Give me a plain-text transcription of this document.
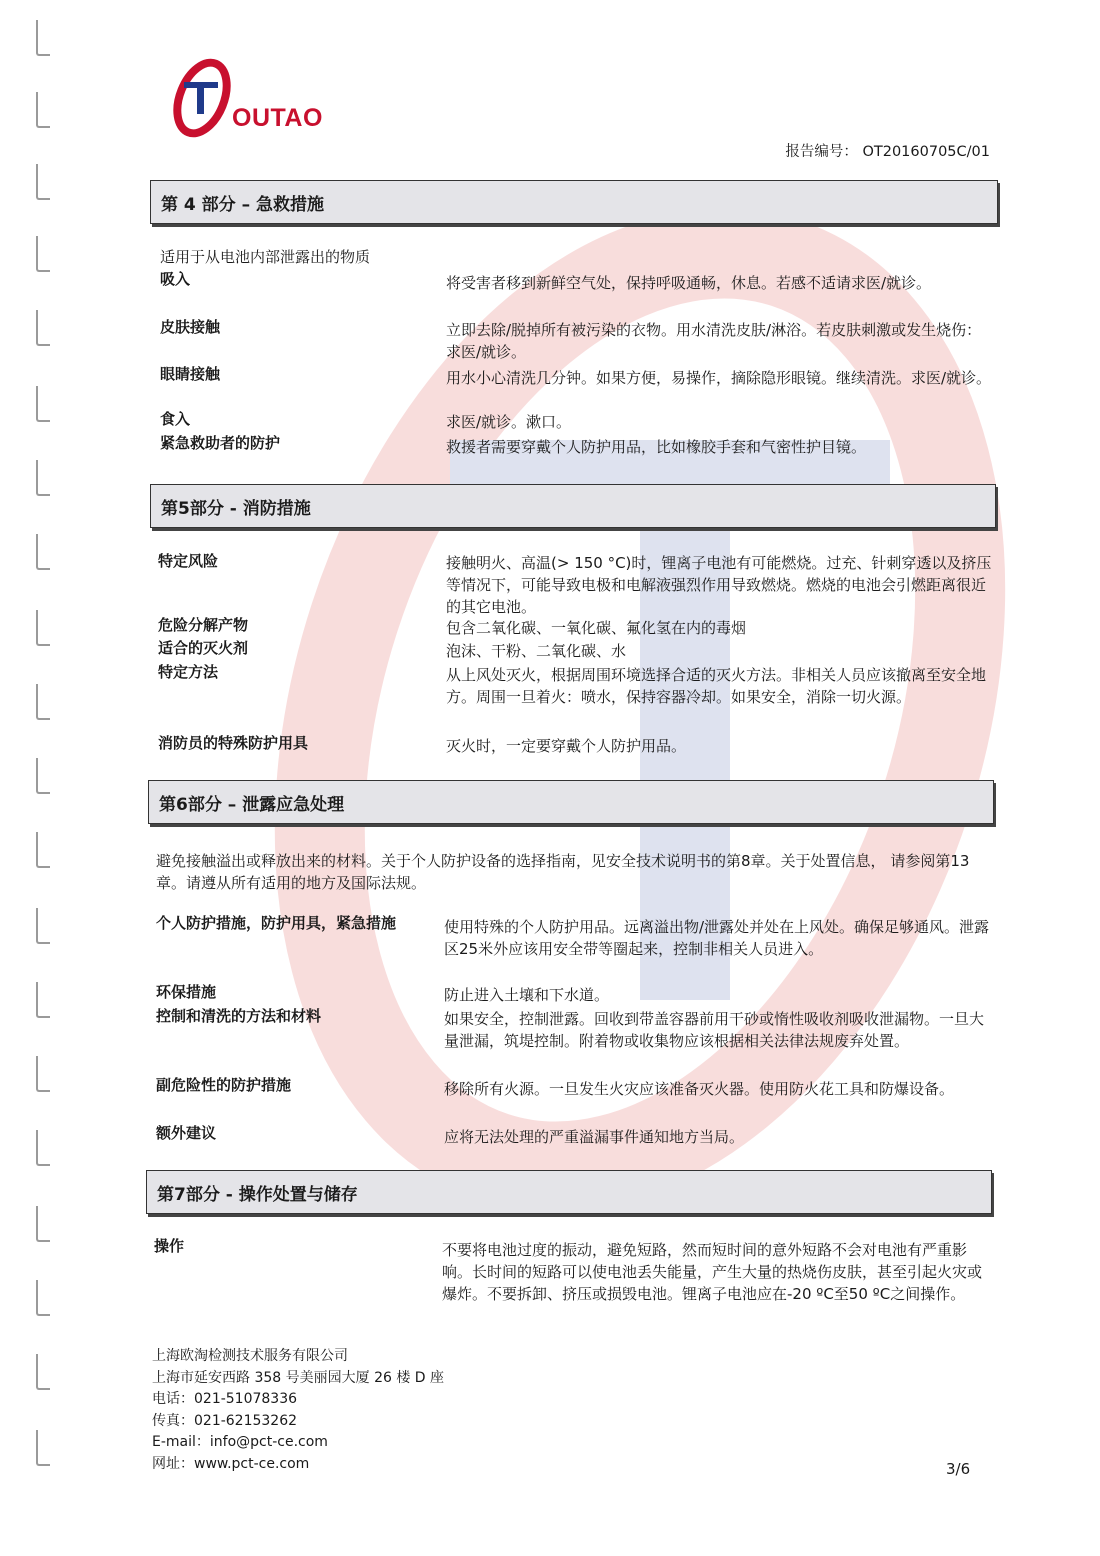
OUTAO
报告编号： OT20160705C/01
第 4 部分 – 急救措施
适用于从电池内部泄露出的物质
吸入	将受害者移到新鲜空气处，保持呼吸通畅，休息。若感不适请求医/就诊。
皮肤接触	立即去除/脱掉所有被污染的衣物。用水清洗皮肤/淋浴。若皮肤刺激或发生烧伤：求医/就诊。
眼睛接触	用水小心清洗几分钟。如果方便，易操作，摘除隐形眼镜。继续清洗。求医/就诊。
食入	求医/就诊。漱口。
紧急救助者的防护	救援者需要穿戴个人防护用品，比如橡胶手套和气密性护目镜。
第5部分 - 消防措施
特定风险	接触明火、高温(> 150 °C)时，锂离子电池有可能燃烧。过充、针刺穿透以及挤压等情况下，可能导致电极和电解液强烈作用导致燃烧。燃烧的电池会引燃距离很近的其它电池。
危险分解产物	包含二氧化碳、一氧化碳、氟化氢在内的毒烟
适合的灭火剂	泡沫、干粉、二氧化碳、水
特定方法	从上风处灭火，根据周围环境选择合适的灭火方法。非相关人员应该撤离至安全地方。周围一旦着火：喷水，保持容器冷却。如果安全，消除一切火源。
消防员的特殊防护用具	灭火时，一定要穿戴个人防护用品。
第6部分 – 泄露应急处理
避免接触溢出或释放出来的材料。关于个人防护设备的选择指南，见安全技术说明书的第8章。关于处置信息， 请参阅第13章。请遵从所有适用的地方及国际法规。
个人防护措施，防护用具，紧急措施	使用特殊的个人防护用品。远离溢出物/泄露处并处在上风处。确保足够通风。泄露区25米外应该用安全带等圈起来，控制非相关人员进入。
环保措施	防止进入土壤和下水道。
控制和清洗的方法和材料	如果安全，控制泄露。回收到带盖容器前用干砂或惰性吸收剂吸收泄漏物。一旦大量泄漏，筑堤控制。附着物或收集物应该根据相关法律法规废弃处置。
副危险性的防护措施	移除所有火源。一旦发生火灾应该准备灭火器。使用防火花工具和防爆设备。
额外建议	应将无法处理的严重溢漏事件通知地方当局。
第7部分 - 操作处置与储存
操作	不要将电池过度的振动，避免短路，然而短时间的意外短路不会对电池有严重影响。长时间的短路可以使电池丢失能量，产生大量的热烧伤皮肤，甚至引起火灾或爆炸。不要拆卸、挤压或损毁电池。锂离子电池应在-20 ºC至50 ºC之间操作。
上海欧淘检测技术服务有限公司
上海市延安西路 358 号美丽园大厦 26 楼 D 座
电话：021-51078336
传真：021-62153262
E-mail：info@pct-ce.com
网址：www.pct-ce.com	3/6
